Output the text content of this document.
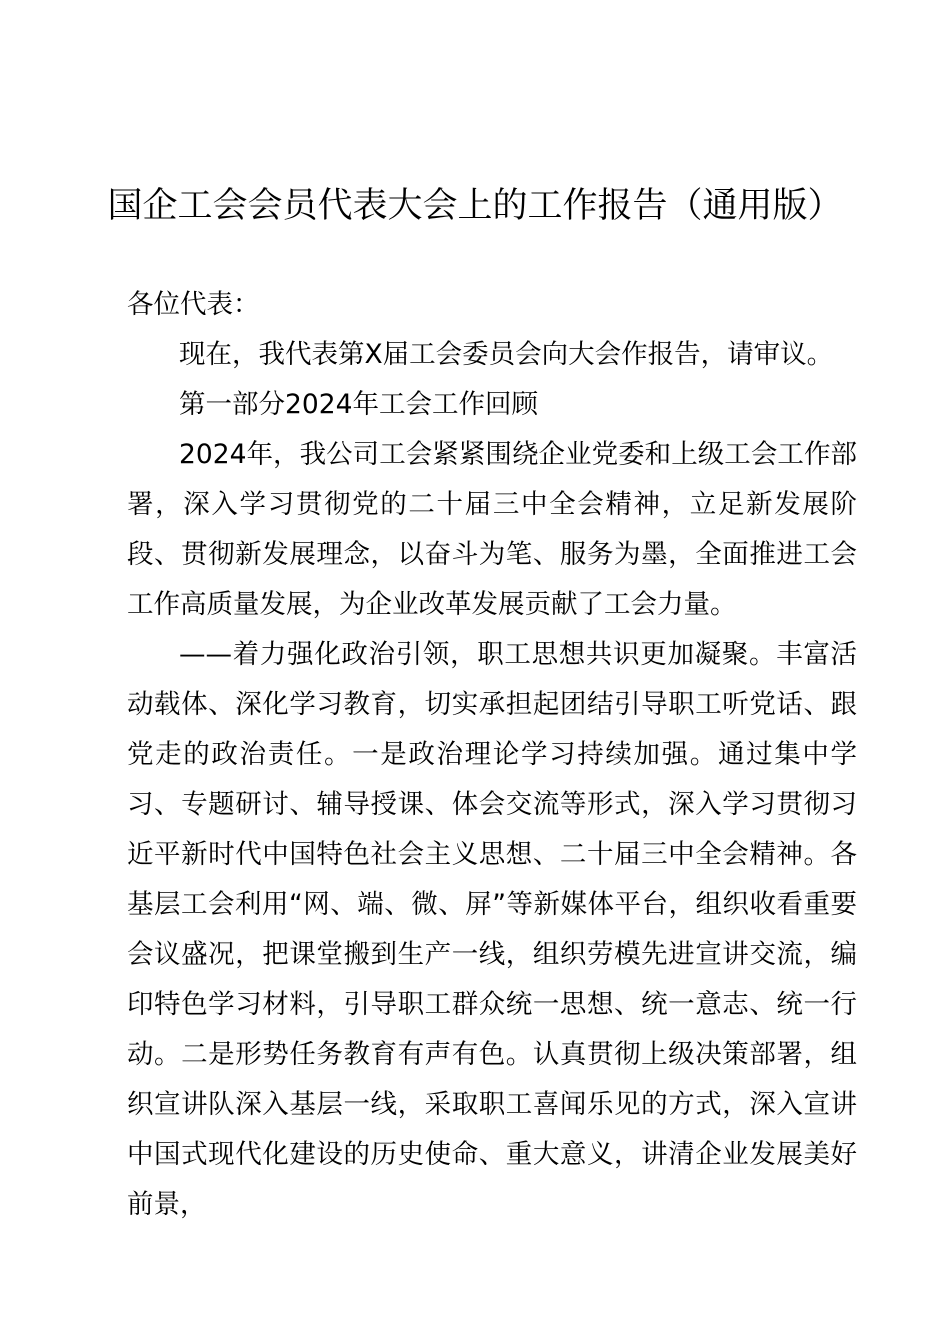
国企工会会员代表大会上的工作报告（通用版）

各位代表：

现在，我代表第X届工会委员会向大会作报告，请审议。

第一部分2024年工会工作回顾

2024年，我公司工会紧紧围绕企业党委和上级工会工作部署，深入学习贯彻党的二十届三中全会精神，立足新发展阶段、贯彻新发展理念，以奋斗为笔、服务为墨，全面推进工会工作高质量发展，为企业改革发展贡献了工会力量。

——着力强化政治引领，职工思想共识更加凝聚。丰富活动载体、深化学习教育，切实承担起团结引导职工听党话、跟党走的政治责任。一是政治理论学习持续加强。通过集中学习、专题研讨、辅导授课、体会交流等形式，深入学习贯彻习近平新时代中国特色社会主义思想、二十届三中全会精神。各基层工会利用“网、端、微、屏”等新媒体平台，组织收看重要会议盛况，把课堂搬到生产一线，组织劳模先进宣讲交流，编印特色学习材料，引导职工群众统一思想、统一意志、统一行动。二是形势任务教育有声有色。认真贯彻上级决策部署，组织宣讲队深入基层一线，采取职工喜闻乐见的方式，深入宣讲中国式现代化建设的历史使命、重大意义，讲清企业发展美好前景，
